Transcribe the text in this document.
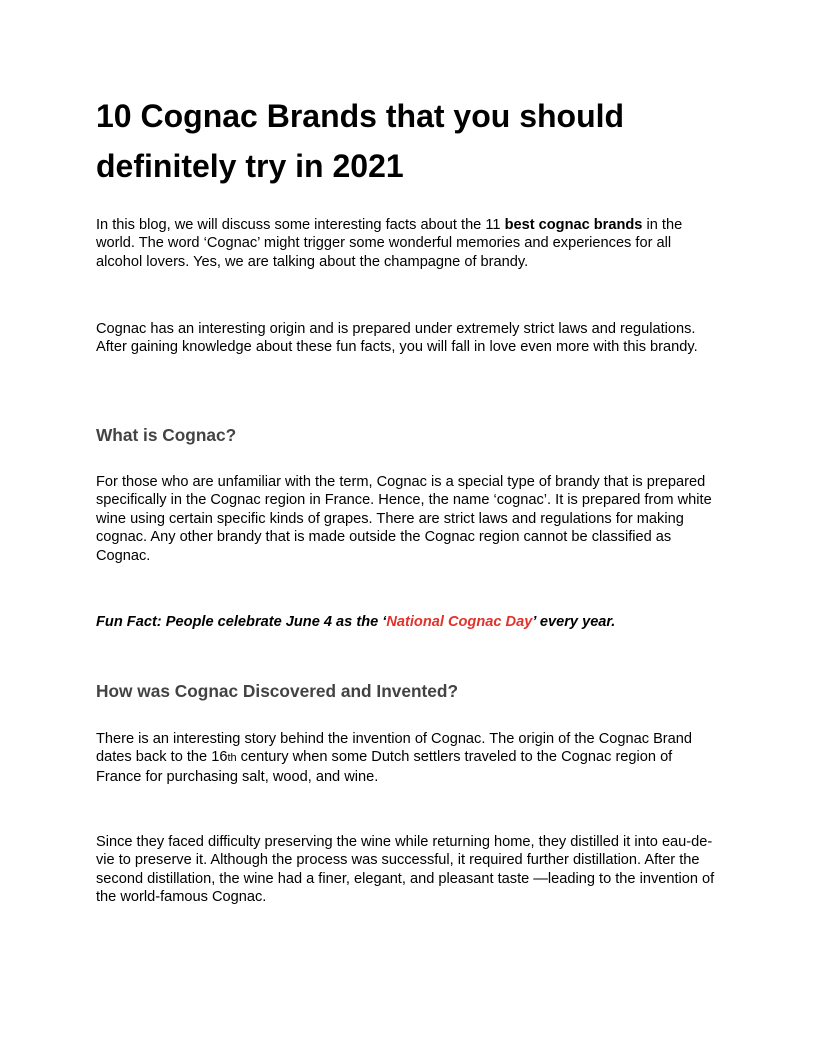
10 Cognac Brands that you should definitely try in 2021

In this blog, we will discuss some interesting facts about the 11 best cognac brands in the world. The word ‘Cognac’ might trigger some wonderful memories and experiences for all alcohol lovers. Yes, we are talking about the champagne of brandy.

Cognac has an interesting origin and is prepared under extremely strict laws and regulations. After gaining knowledge about these fun facts, you will fall in love even more with this brandy.

What is Cognac?

For those who are unfamiliar with the term, Cognac is a special type of brandy that is prepared specifically in the Cognac region in France. Hence, the name ‘cognac’. It is prepared from white wine using certain specific kinds of grapes. There are strict laws and regulations for making cognac. Any other brandy that is made outside the Cognac region cannot be classified as Cognac.

Fun Fact: People celebrate June 4 as the ‘National Cognac Day’ every year.

How was Cognac Discovered and Invented?

There is an interesting story behind the invention of Cognac. The origin of the Cognac Brand dates back to the 16th century when some Dutch settlers traveled to the Cognac region of France for purchasing salt, wood, and wine.

Since they faced difficulty preserving the wine while returning home, they distilled it into eau-de-vie to preserve it. Although the process was successful, it required further distillation. After the second distillation, the wine had a finer, elegant, and pleasant taste —leading to the invention of the world-famous Cognac.
